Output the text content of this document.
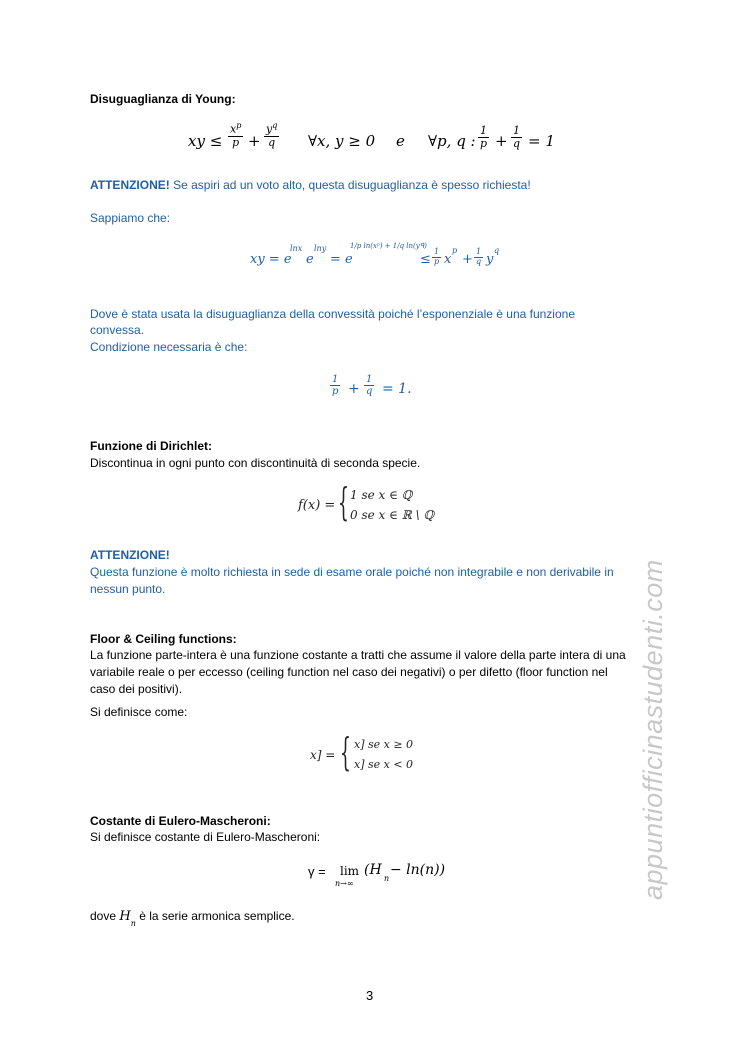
Disuguaglianza di Young:
xy ≤ $\frac{x^p}{p} + \frac{y^q}{q}$ ∀x, y ≥ 0 e ∀p, q : $\frac{1}{p} + \frac{1}{q} = 1$
ATTENZIONE! Se aspiri ad un voto alto, questa disuguaglianza è spesso richiesta!
Sappiamo che:
xy = e
lnx
e
lny
= e
1/p ln(xᵖ) + 1/q ln(yᑫ)
≤ $\frac{1}{p}$ x
p
+ $\frac{1}{q}$ y
q
Dove è stata usata la disuguaglianza della convessità poiché l’esponenziale è una funzione
convessa.
Condizione necessaria è che:
$\frac{1}{p} + \frac{1}{q} = 1$.
Funzione di Dirichlet:
Discontinua in ogni punto con discontinuità di seconda specie.
f(x) = { 1 se x ∈ ℚ
0 se x ∈ ℝ \ ℚ
ATTENZIONE!
Questa funzione è molto richiesta in sede di esame orale poiché non integrabile e non derivabile in
nessun punto.
Floor & Ceiling functions:
La funzione parte-intera è una funzione costante a tratti che assume il valore della parte intera di una
variabile reale o per eccesso (ceiling function nel caso dei negativi) o per difetto (floor function nel
caso dei positivi).
Si definisce come:
x] = { x] se x ≥ 0
x] se x < 0
Costante di Eulero-Mascheroni:
Si definisce costante di Eulero-Mascheroni:
γ = lim
n→∞
(H
n
− ln(n))
dove $H_n$ è la serie armonica semplice.
appuntiofficinastudenti.com
3
